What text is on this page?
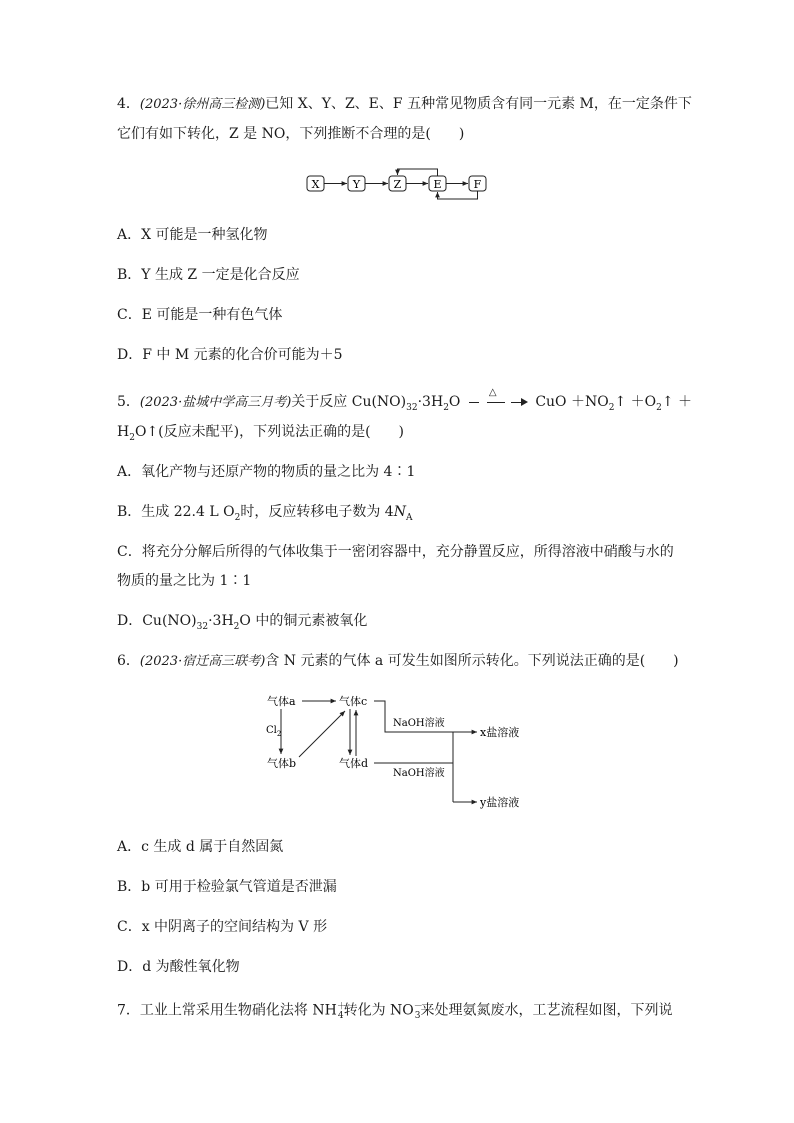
4．(2023·徐州高三检测)已知 X、Y、Z、E、F 五种常见物质含有同一元素 M，在一定条件下
它们有如下转化，Z 是 NO，下列推断不合理的是(　　)
X	Y	Z	E	F
A．X 可能是一种氢化物
B．Y 生成 Z 一定是化合反应
C．E 可能是一种有色气体
D．F 中 M 元素的化合价可能为＋5
5．(2023·盐城中学高三月考)关于反应 $Cu(NO)_{32}\cdot 3H_2O$
△
CuO $+NO_2↑$ $+O_2↑$ ＋
$H_2O↑$(反应未配平)，下列说法正确的是(　　)
A．氧化产物与还原产物的物质的量之比为 4∶1
B．生成 22.4 L $O_2$时，反应转移电子数为 $4N_A$
C．将充分分解后所得的气体收集于一密闭容器中，充分静置反应，所得溶液中硝酸与水的
物质的量之比为 1∶1
D．$Cu(NO)_{32}\cdot 3H_2O$ 中的铜元素被氧化
6．(2023·宿迁高三联考)含 N 元素的气体 a 可发生如图所示转化。下列说法正确的是(　　)
气体a
气体b
气体c
气体d
$Cl_2$
NaOH溶液
NaOH溶液
x盐溶液
y盐溶液
A．c 生成 d 属于自然固氮
B．b 可用于检验氯气管道是否泄漏
C．x 中阴离子的空间结构为 V 形
D．d 为酸性氧化物
7．工业上常采用生物硝化法将 $NH^+_4$转化为 $NO^-_3$来处理氨氮废水，工艺流程如图，下列说
